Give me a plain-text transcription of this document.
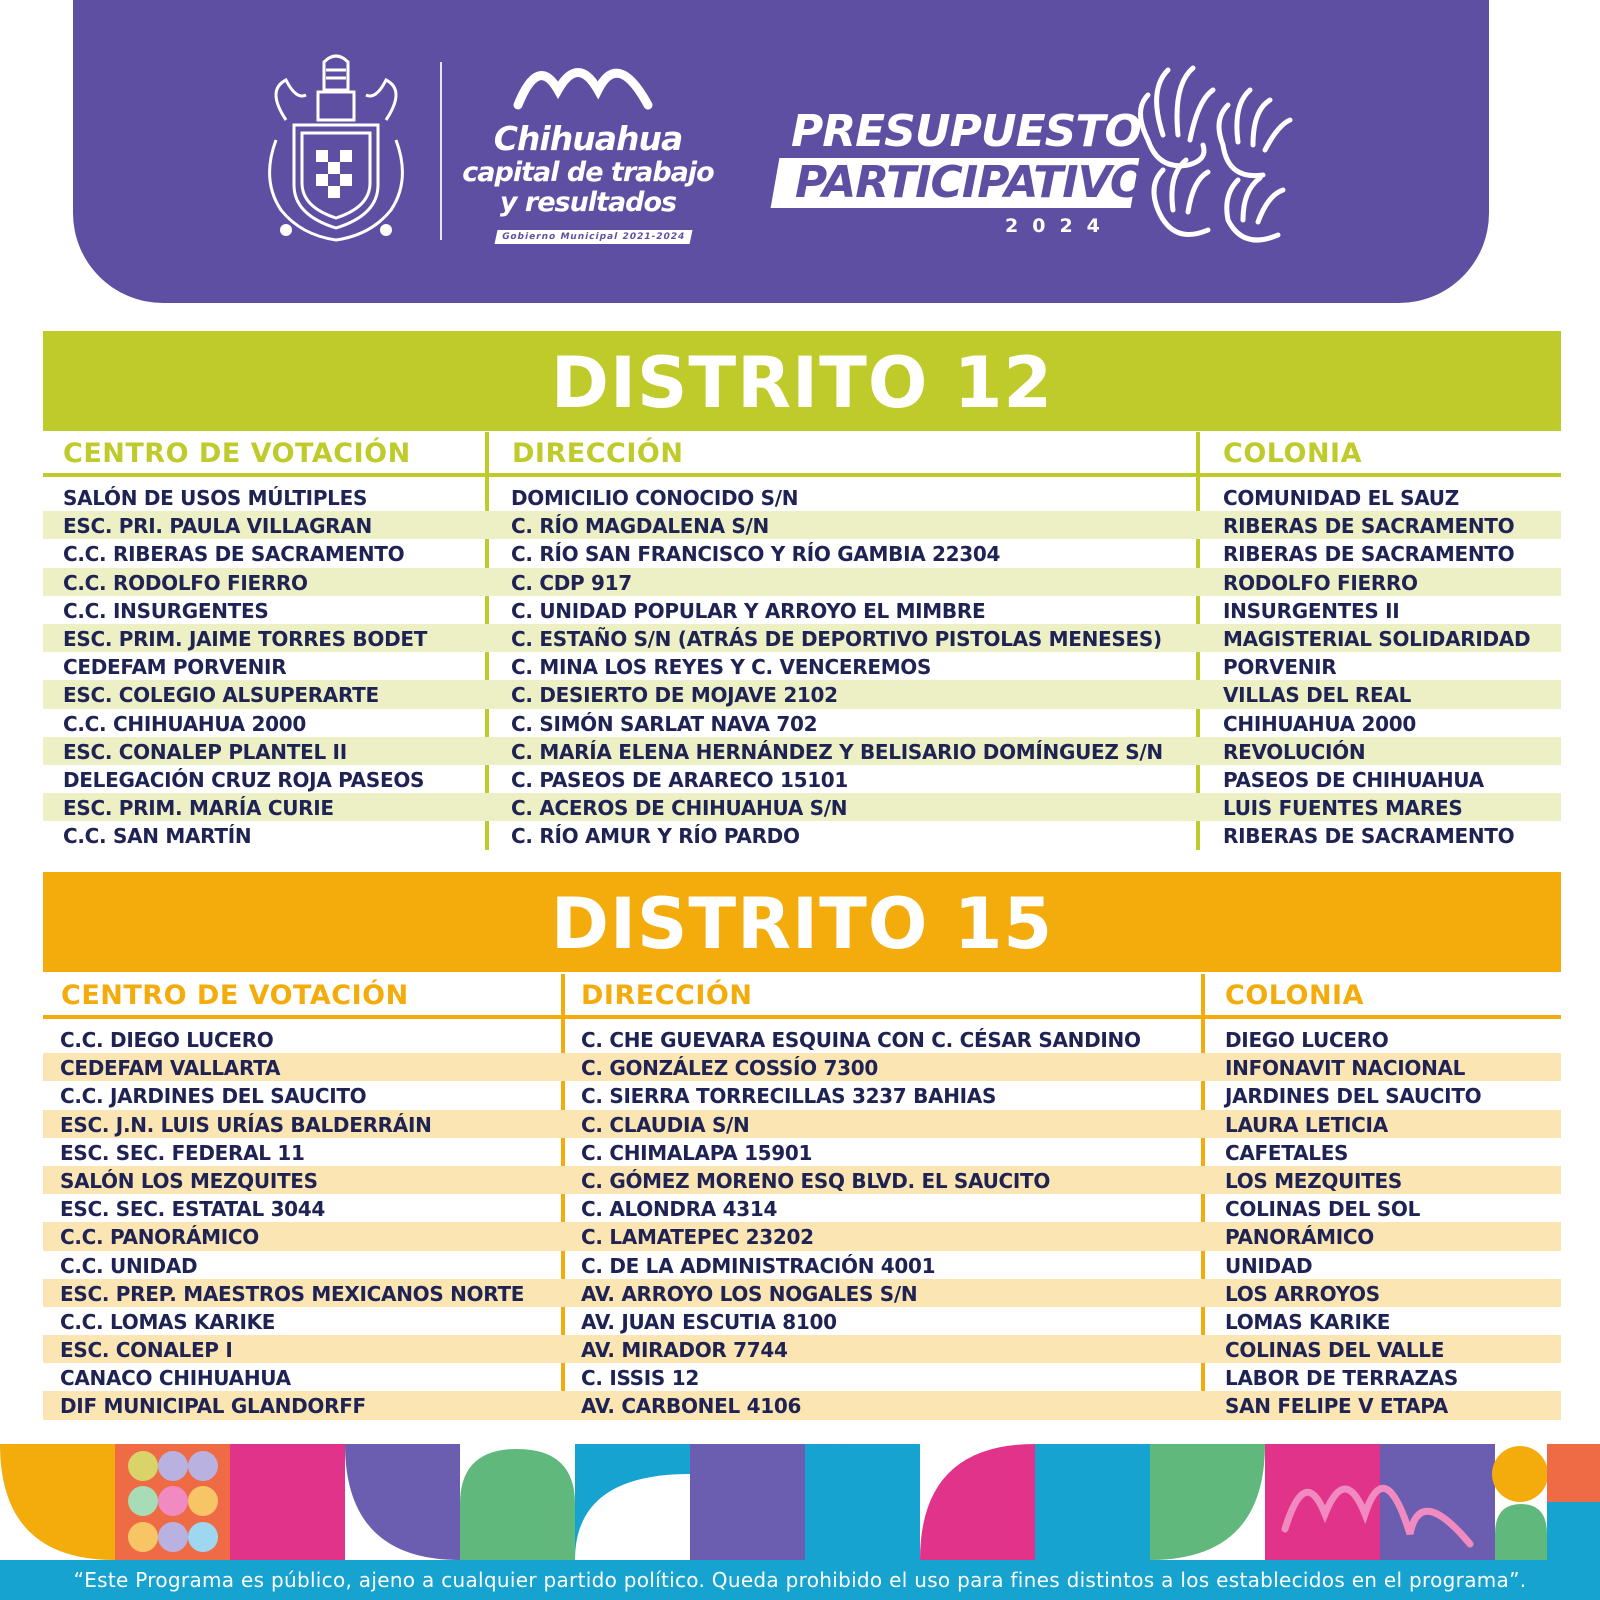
Chihuahua
capital de trabajo
y resultados
Gobierno Municipal 2021-2024
PRESUPUESTO
PARTICIPATIVO
2024
DISTRITO 12
CENTRO DE VOTACIÓN	DIRECCIÓN	COLONIA
SALÓN DE USOS MÚLTIPLES	DOMICILIO CONOCIDO S/N	COMUNIDAD EL SAUZ
ESC. PRI. PAULA VILLAGRAN	C. RÍO MAGDALENA S/N	RIBERAS DE SACRAMENTO
C.C. RIBERAS DE SACRAMENTO	C. RÍO SAN FRANCISCO Y RÍO GAMBIA 22304	RIBERAS DE SACRAMENTO
C.C. RODOLFO FIERRO	C. CDP 917	RODOLFO FIERRO
C.C. INSURGENTES	C. UNIDAD POPULAR Y ARROYO EL MIMBRE	INSURGENTES II
ESC. PRIM. JAIME TORRES BODET	C. ESTAÑO S/N (ATRÁS DE DEPORTIVO PISTOLAS MENESES)	MAGISTERIAL SOLIDARIDAD
CEDEFAM PORVENIR	C. MINA LOS REYES Y C. VENCEREMOS	PORVENIR
ESC. COLEGIO ALSUPERARTE	C. DESIERTO DE MOJAVE 2102	VILLAS DEL REAL
C.C. CHIHUAHUA 2000	C. SIMÓN SARLAT NAVA 702	CHIHUAHUA 2000
ESC. CONALEP PLANTEL II	C. MARÍA ELENA HERNÁNDEZ Y BELISARIO DOMÍNGUEZ S/N	REVOLUCIÓN
DELEGACIÓN CRUZ ROJA PASEOS	C. PASEOS DE ARARECO 15101	PASEOS DE CHIHUAHUA
ESC. PRIM. MARÍA CURIE	C. ACEROS DE CHIHUAHUA S/N	LUIS FUENTES MARES
C.C. SAN MARTÍN	C. RÍO AMUR Y RÍO PARDO	RIBERAS DE SACRAMENTO
DISTRITO 15
CENTRO DE VOTACIÓN	DIRECCIÓN	COLONIA
C.C. DIEGO LUCERO	C. CHE GUEVARA ESQUINA CON C. CÉSAR SANDINO	DIEGO LUCERO
CEDEFAM VALLARTA	C. GONZÁLEZ COSSÍO 7300	INFONAVIT NACIONAL
C.C. JARDINES DEL SAUCITO	C. SIERRA TORRECILLAS 3237 BAHIAS	JARDINES DEL SAUCITO
ESC. J.N. LUIS URÍAS BALDERRÁIN	C. CLAUDIA S/N	LAURA LETICIA
ESC. SEC. FEDERAL 11	C. CHIMALAPA 15901	CAFETALES
SALÓN LOS MEZQUITES	C. GÓMEZ MORENO ESQ BLVD. EL SAUCITO	LOS MEZQUITES
ESC. SEC. ESTATAL 3044	C. ALONDRA 4314	COLINAS DEL SOL
C.C. PANORÁMICO	C. LAMATEPEC 23202	PANORÁMICO
C.C. UNIDAD	C. DE LA ADMINISTRACIÓN 4001	UNIDAD
ESC. PREP. MAESTROS MEXICANOS NORTE	AV. ARROYO LOS NOGALES S/N	LOS ARROYOS
C.C. LOMAS KARIKE	AV. JUAN ESCUTIA 8100	LOMAS KARIKE
ESC. CONALEP I	AV. MIRADOR 7744	COLINAS DEL VALLE
CANACO CHIHUAHUA	C. ISSIS 12	LABOR DE TERRAZAS
DIF MUNICIPAL GLANDORFF	AV. CARBONEL 4106	SAN FELIPE V ETAPA
“Este Programa es público, ajeno a cualquier partido político. Queda prohibido el uso para fines distintos a los establecidos en el programa”.
